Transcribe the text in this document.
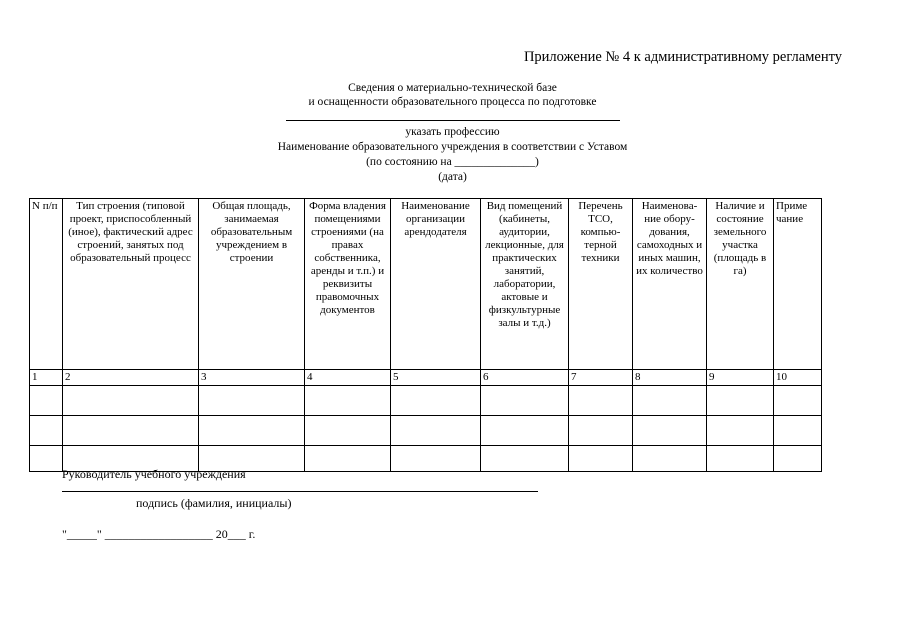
Приложение № 4 к административному регламенту
Сведения о материально-технической базе
и оснащенности образовательного процесса по подготовке
указать профессию
Наименование образовательного учреждения в соответствии с Уставом
(по состоянию на ______________)
(дата)
N п/п	Тип строения (типовой проект, приспособленный (иное), фактический адрес строений, занятых под образовательный процесс	Общая площадь, занимаемая образовательным учреждением в строении	Форма владения помещениями строениями (на правах собственника, аренды и т.п.) и реквизиты правомочных документов	Наименование организации арендодателя	Вид помещений (кабинеты, аудитории, лекционные, для практических занятий, лаборатории, актовые и физкультурные залы и т.д.)	Перечень ТСО, компью- терной техники	Наименова- ние обору- дования, самоходных и иных машин, их количество	Наличие и состояние земельного участка (площадь в га)	Приме чание
1	2	3	4	5	6	7	8	9	10

Руководитель учебного учреждения
подпись (фамилия, инициалы)
"_____" __________________ 20___ г.
